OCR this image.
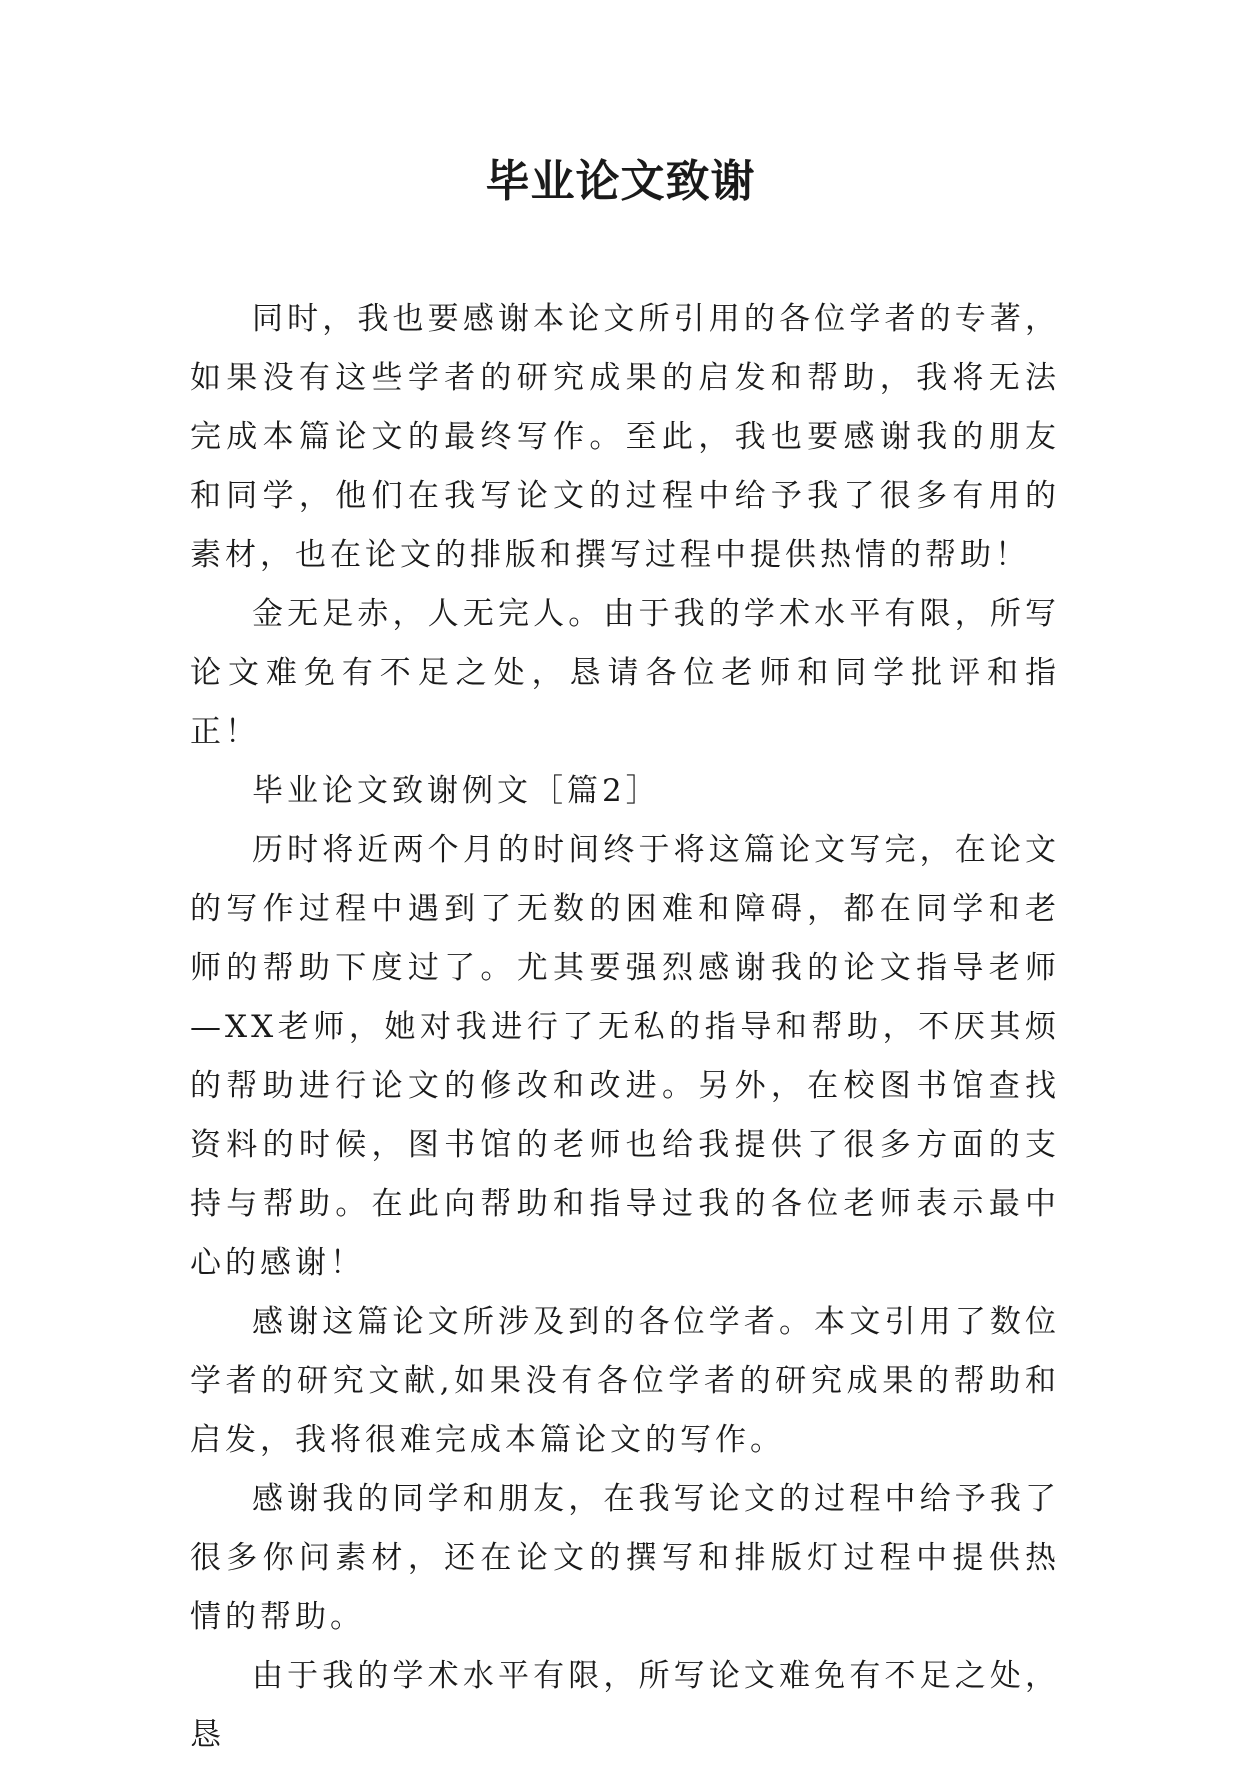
毕业论文致谢

同时，我也要感谢本论文所引用的各位学者的专著，如果没有这些学者的研究成果的启发和帮助，我将无法完成本篇论文的最终写作。至此，我也要感谢我的朋友和同学，他们在我写论文的过程中给予我了很多有用的素材，也在论文的排版和撰写过程中提供热情的帮助！

金无足赤，人无完人。由于我的学术水平有限，所写论文难免有不足之处，恳请各位老师和同学批评和指正！

毕业论文致谢例文［篇2］

历时将近两个月的时间终于将这篇论文写完，在论文的写作过程中遇到了无数的困难和障碍，都在同学和老师的帮助下度过了。尤其要强烈感谢我的论文指导老师—XX老师，她对我进行了无私的指导和帮助，不厌其烦的帮助进行论文的修改和改进。另外，在校图书馆查找资料的时候，图书馆的老师也给我提供了很多方面的支持与帮助。在此向帮助和指导过我的各位老师表示最中心的感谢！

感谢这篇论文所涉及到的各位学者。本文引用了数位学者的研究文献,如果没有各位学者的研究成果的帮助和启发，我将很难完成本篇论文的写作。

感谢我的同学和朋友，在我写论文的过程中给予我了很多你问素材，还在论文的撰写和排版灯过程中提供热情的帮助。

由于我的学术水平有限，所写论文难免有不足之处，恳
